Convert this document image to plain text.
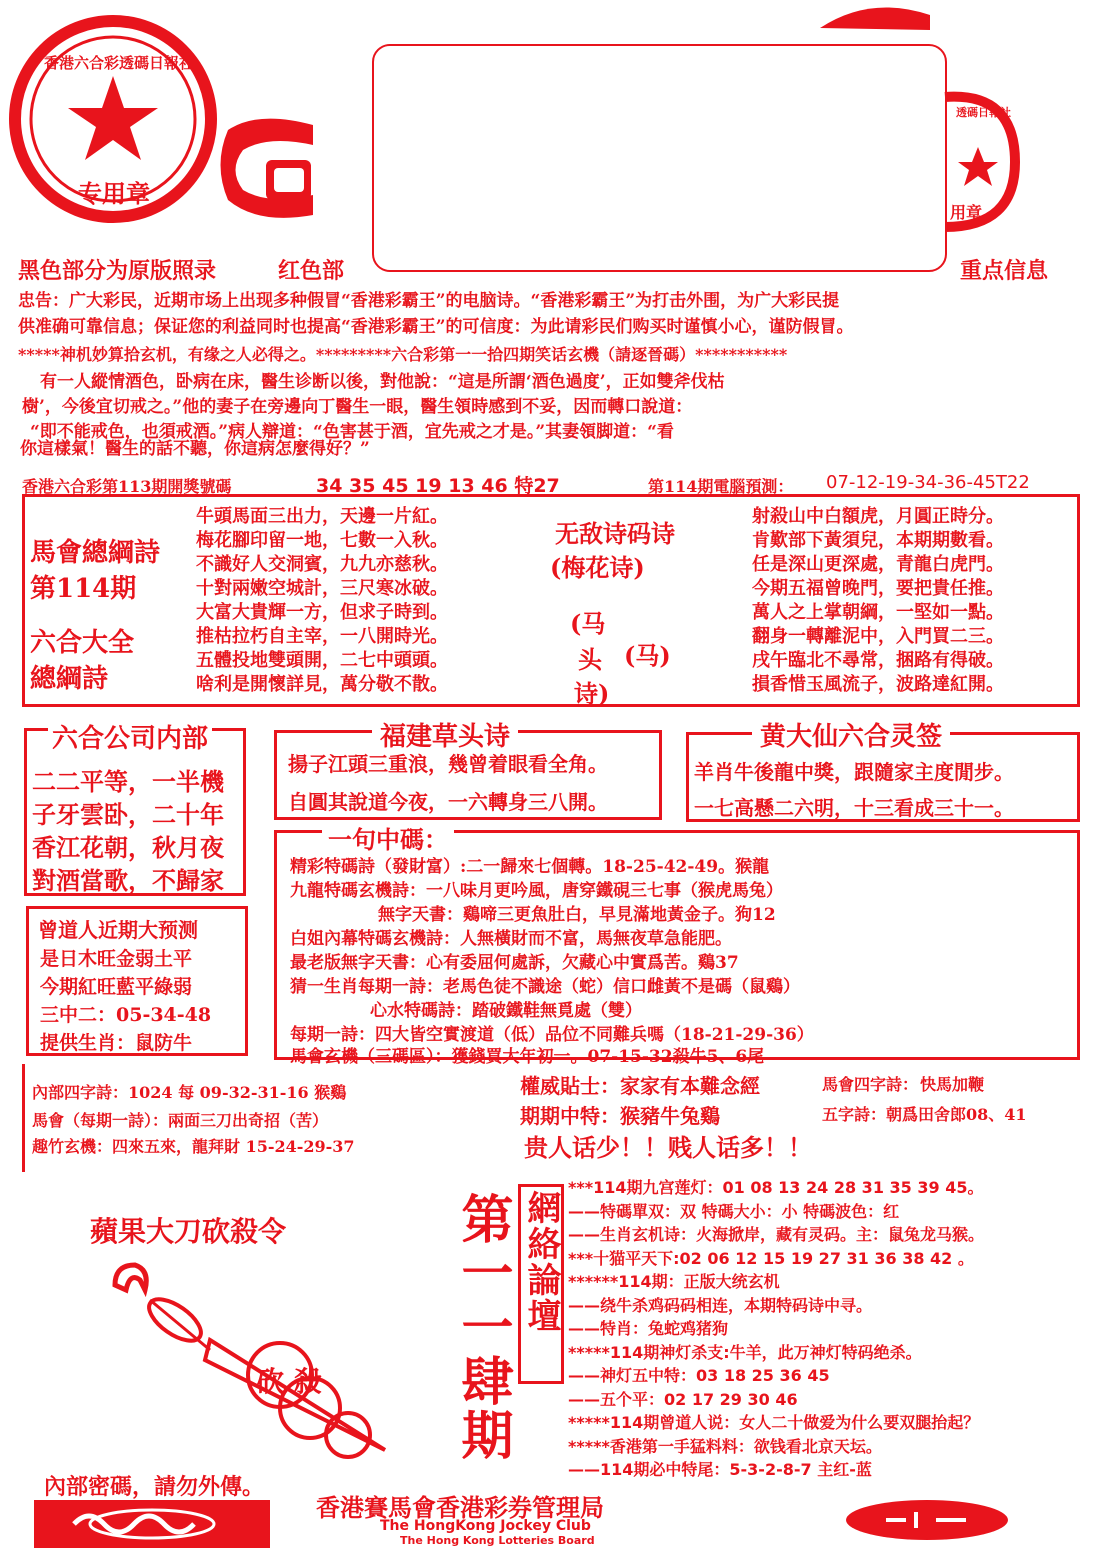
香港六合彩透碼日報社
专用章
透碼日報社
用章
黑色部分为原版照录	红色部	重点信息
忠告：广大彩民，近期市场上出现多种假冒“香港彩霸王”的电脑诗。“香港彩霸王”为打击外围，为广大彩民提
供准确可靠信息；保证您的利益同时也提高“香港彩霸王”的可信度：为此请彩民们购买时谨慎小心，谨防假冒。
*****神机妙算拾玄机，有缘之人必得之。*********六合彩第一一拾四期笑话玄機（請逐晉碼）***********
有一人縱情酒色，卧病在床，醫生诊断以後，對他說：“這是所謂‘酒色過度’，正如雙斧伐枯
樹’，今後宜切戒之。”他的妻子在旁邊向丁醫生一眼，醫生領時感到不妥，因而轉口說道：
“即不能戒色，也須戒酒。”病人辯道：“色害甚于酒，宜先戒之才是。”其妻領脚道：“看
你這樣氣！醫生的話不聽，你這病怎麼得好？”
香港六合彩第113期開獎號碼	34 35 45 19 13 46 特27	第114期電腦預測： 07-12-19-34-36-45T22
馬會總綱詩
第114期
六合大全
總綱詩
牛頭馬面三出力，天邊一片紅。
梅花腳印留一地，七數一入秋。
不識好人交洞賓，九九亦慈秋。
十對兩嫩空城計，三尺寒冰破。
大富大貴輝一方，但求子時到。
推枯拉朽自主宰，一八開時光。
五體投地雙頭開，二七中頭頭。
啥利是開懷詳見，萬分敬不散。
无敌诗码诗
(梅花诗)
(马
头
诗)
(马)
射殺山中白額虎，月圓正時分。
肯歎部下黃須兒，本期期數看。
任是深山更深處，青龍白虎門。
今期五福曾晚門，要把貴任推。
萬人之上掌朝綱，一堅如一點。
翻身一轉離泥中，入門買二三。
戌午臨北不尋常，捆路有得破。
損香惜玉風流子，波路達紅開。
六合公司内部
二二平等，一半機
子牙雲卧，二十年
香江花朝，秋月夜
對酒當歌，不歸家
福建草头诗
揚子江頭三重浪，幾曾着眼看全角。
自圓其說道今夜，一六轉身三八開。
黄大仙六合灵签
羊肖牛後龍中獎，跟隨家主度閒步。
一七高懸二六明，十三看成三十一。
一句中碼：
精彩特碼詩（發財富）:二一歸來七個轉。18-25-42-49。猴龍
九龍特碼玄機詩：一八味月更吟風，唐穿鐵硯三七事（猴虎馬兔）
無字天書：鷄啼三更魚肚白，早見滿地黃金子。狗12
白姐內幕特碼玄機詩：人無橫財而不富，馬無夜草急能肥。
最老版無字天書：心有委屈何處訴，欠藏心中實爲苦。鷄37
猜一生肖每期一詩：老馬色徒不識途（蛇）信口雌黃不是碼（鼠鷄）
心水特碼詩：踏破鐵鞋無覓處（雙）
每期一詩：四大皆空實渡道（低）品位不同難兵嗎（18-21-29-36）
馬會玄機（三碼區）：獲錢買大年初一。07-15-32殺牛5、6尾
曾道人近期大预测
是日木旺金弱土平
今期紅旺藍平綠弱
三中二：05-34-48
提供生肖：鼠防牛
內部四字詩：1024 每 09-32-31-16 猴鷄
馬會（每期一詩）：兩面三刀出奇招（苦）
趣竹玄機：四來五來，龍拜財 15-24-29-37
權威貼士：家家有本難念經	馬會四字詩： 快馬加鞭
期期中特：猴豬牛兔鷄	五字詩： 朝爲田舍郎08、41
贵人话少！！贱人话多！！
蘋果大刀砍殺令
砍 殺
內部密碼，請勿外傳。
第一一肆期 網絡論壇
***114期九宫莲灯：01 08 13 24 28 31 35 39 45。
——特碼單双：双 特碼大小：小 特碼波色：红
——生肖玄机诗：火海掀岸，藏有灵码。主：鼠兔龙马猴。
***十猫平天下:02 06 12 15 19 27 31 36 38 42 。
******114期：正版大统玄机
——绕牛杀鸡码码相连，本期特码诗中寻。
——特肖：兔蛇鸡猪狗
*****114期神灯杀支:牛羊，此万神灯特码绝杀。
——神灯五中特：03 18 25 36 45
——五个平：02 17 29 30 46
*****114期曾道人说：女人二十做爱为什么要双腿抬起？
*****香港第一手猛料料：欲钱看北京天坛。
——114期必中特尾：5-3-2-8-7 主红-蓝
香港賽馬會香港彩券管理局
The HongKong Jockey Club
The Hong Kong Lotteries Board
